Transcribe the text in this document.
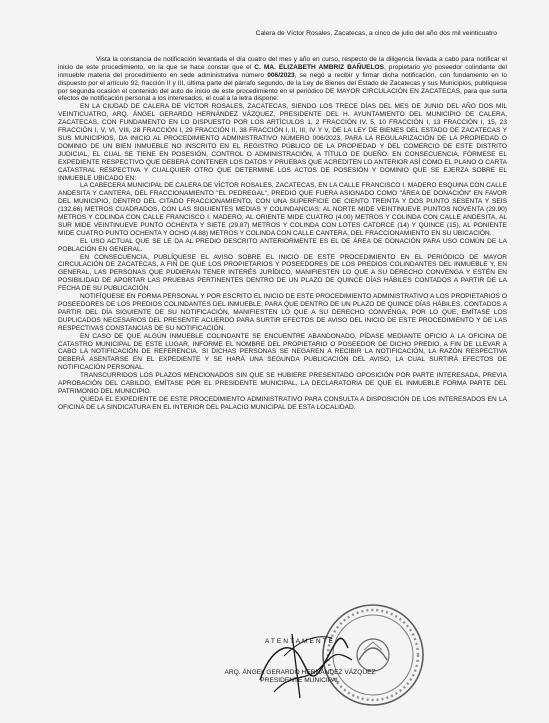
Calera de Víctor Rosales, Zacatecas, a cinco de julio del año dos mil veinticuatro

Vista la constancia de notificación levantada el día cuatro del mes y año en curso, respecto de la diligencia llevada a cabo para notificar el inicio de este procedimiento, en la que se hace constar que el C. MA. ELIZABETH AMBRIZ BAÑUELOS, propietario y/o poseedor colindante del inmueble materia del procedimiento en sede administrativa número 006/2023, se negó a recibir y firmar dicha notificación, con fundamento en lo dispuesto por el artículo 92, fracción II y III, última parte del párrafo segundo, de la Ley de Bienes del Estado de Zacatecas y sus Municipios, publíquese por segunda ocasión el contenido del auto de inicio de este procedimiento en el periódico DE MAYOR CIRCULACIÓN EN ZACATECAS, para que surta efectos de notificación personal a los interesados, el cual a la letra dispone:

EN LA CIUDAD DE CALERA DE VÍCTOR ROSALES, ZACATECAS, SIENDO LOS TRECE DÍAS DEL MES DE JUNIO DEL AÑO DOS MIL VEINTICUATRO, ARQ. ÁNGEL GERARDO HERNÁNDEZ VÁZQUEZ, PRESIDENTE DEL H. AYUNTAMIENTO DEL MUNICIPIO DE CALERA, ZACATECAS, CON FUNDAMENTO EN LO DISPUESTO POR LOS ARTÍCULOS 1, 2 FRACCIÓN IV, 5, 10 FRACCIÓN I, 13 FRACCIÓN I, 15, 23 FRACCIÓN I, V, VI, VIII, 28 FRACCIÓN I, 29 FRACCIÓN II, 38 FRACCIÓN I, II, III, IV Y V, DE LA LEY DE BIENES DEL ESTADO DE ZACATECAS Y SUS MUNICIPIOS, DA INICIO AL PROCEDIMIENTO ADMINISTRATIVO NÚMERO 006/2023, PARA LA REGULARIZACIÓN DE LA PROPIEDAD O DOMINIO DE UN BIEN INMUEBLE NO INSCRITO EN EL REGISTRO PÚBLICO DE LA PROPIEDAD Y DEL COMERCIO DE ESTE DISTRITO JUDICIAL, EL CUAL SE TIENE EN POSESIÓN, CONTROL O ADMINISTRACIÓN, A TÍTULO DE DUEÑO. EN CONSECUENCIA, FÓRMESE EL EXPEDIENTE RESPECTIVO QUE DEBERÁ CONTENER LOS DATOS Y PRUEBAS QUE ACREDITEN LO ANTERIOR ASÍ COMO EL PLANO O CARTA CATASTRAL RESPECTIVA Y CUALQUIER OTRO QUE DETERMINE LOS ACTOS DE POSESIÓN Y DOMINIO QUE SE EJERZA SOBRE EL INMUEBLE UBICADO EN:

LA CABECERA MUNICIPAL DE CALERA DE VÍCTOR ROSALES, ZACATECAS, EN LA CALLE FRANCISCO I. MADERO ESQUINA CON CALLE ANDESITA Y CANTERA, DEL FRACCIONAMIENTO "EL PEDREGAL", PREDIO QUE FUERA ASIGNADO COMO "ÁREA DE DONACIÓN" EN FAVOR DEL MUNICIPIO, DENTRO DEL CITADO FRACCIONAMIENTO, CON UNA SUPERFICIE DE CIENTO TREINTA Y DOS PUNTO SESENTA Y SEIS (132.66) METROS CUADRADOS, CON LAS SIGUIENTES MEDIAS Y COLINDANCIAS: AL NORTE MIDE VEINTINUEVE PUNTOS NOVENTA (29.90) METROS Y COLINDA CON CALLE FRANCISCO I. MADERO, AL ORIENTE MIDE CUATRO (4.00) METROS Y COLINDA CON CALLE ANDESITA, AL SUR MIDE VEINTINUEVE PUNTO OCHENTA Y SIETE (29.87) METROS Y COLINDA CON LOTES CATORCE (14) Y QUINCE (15), AL PONIENTE MIDE CUATRO PUNTO OCHENTA Y OCHO (4.88) METROS Y COLINDA CON CALLE CANTERA, DEL FRACCIONAMIENTO EN SU UBICACIÓN.

EL USO ACTUAL QUE SE LE DA AL PREDIO DESCRITO ANTERIORMENTE ES EL DE ÁREA DE DONACIÓN PARA USO COMÚN DE LA POBLACIÓN EN GENERAL.

EN CONSECUENCIA, PUBLÍQUESE EL AVISO SOBRE EL INICIO DE ESTE PROCEDIMIENTO EN EL PERIÓDICO DE MAYOR CIRCULACIÓN DE ZACATECAS, A FIN DE QUE LOS PROPIETARIOS Y POSEEDORES DE LOS PREDIOS COLINDANTES DEL INMUEBLE Y, EN GENERAL, LAS PERSONAS QUE PUDIERAN TENER INTERÉS JURÍDICO, MANIFIESTEN LO QUE A SU DERECHO CONVENGA Y ESTÉN EN POSIBILIDAD DE APORTAR LAS PRUEBAS PERTINENTES DENTRO DE UN PLAZO DE QUINCE DÍAS HÁBILES CONTADOS A PARTIR DE LA FECHA DE SU PUBLICACIÓN.

NOTIFÍQUESE EN FORMA PERSONAL Y POR ESCRITO EL INICIO DE ESTE PROCEDIMIENTO ADMINISTRATIVO A LOS PROPIETARIOS O POSEEDORES DE LOS PREDIOS COLINDANTES DEL INMUEBLE, PARA QUE DENTRO DE UN PLAZO DE QUINCE DÍAS HÁBILES, CONTADOS A PARTIR DEL DÍA SIGUIENTE DE SU NOTIFICACIÓN, MANIFIESTEN LO QUE A SU DERECHO CONVENGA, POR LO QUE, EMÍTASE LOS DUPLICADOS NECESARIOS DEL PRESENTE ACUERDO PARA SURTIR EFECTOS DE AVISO DEL INICIO DE ESTE PROCEDIMIENTO Y DE LAS RESPECTIVAS CONSTANCIAS DE SU NOTIFICACIÓN.

EN CASO DE QUE ALGÚN INMUEBLE COLINDANTE SE ENCUENTRE ABANDONADO, PÍDASE MEDIANTE OFICIO A LA OFICINA DE CATASTRO MUNICIPAL DE ESTE LUGAR, INFORME EL NOMBRE DEL PROPIETARIO O POSEEDOR DE DICHO PREDIO, A FIN DE LLEVAR A CABO LA NOTIFICACIÓN DE REFERENCIA. SI DICHAS PERSONAS SE NEGAREN A RECIBIR LA NOTIFICACIÓN, LA RAZÓN RESPECTIVA DEBERÁ ASENTARSE EN EL EXPEDIENTE Y SE HARÁ UNA SEGUNDA PUBLICACIÓN DEL AVISO, LA CUAL SURTIRÁ EFECTOS DE NOTIFICACIÓN PERSONAL.

TRANSCURRIDOS LOS PLAZOS MENCIONADOS SIN QUE SE HUBIERE PRESENTADO OPOSICIÓN POR PARTE INTERESADA, PREVIA APROBACIÓN DEL CABILDO, EMÍTASE POR EL PRESIDENTE MUNICIPAL, LA DECLARATORIA DE QUE EL INMUEBLE FORMA PARTE DEL PATRIMONIO DEL MUNICIPIO.

QUEDA EL EXPEDIENTE DE ESTE PROCEDIMIENTO ADMINISTRATIVO PARA CONSULTA A DISPOSICIÓN DE LOS INTERESADOS EN LA OFICINA DE LA SINDICATURA EN EL INTERIOR DEL PALACIO MUNICIPAL DE ESTA LOCALIDAD.

ATENTAMENTE
ARQ. ÁNGEL GERARDO HERNÁNDEZ VÁZQUEZ
PRESIDENTE MUNICIPAL
